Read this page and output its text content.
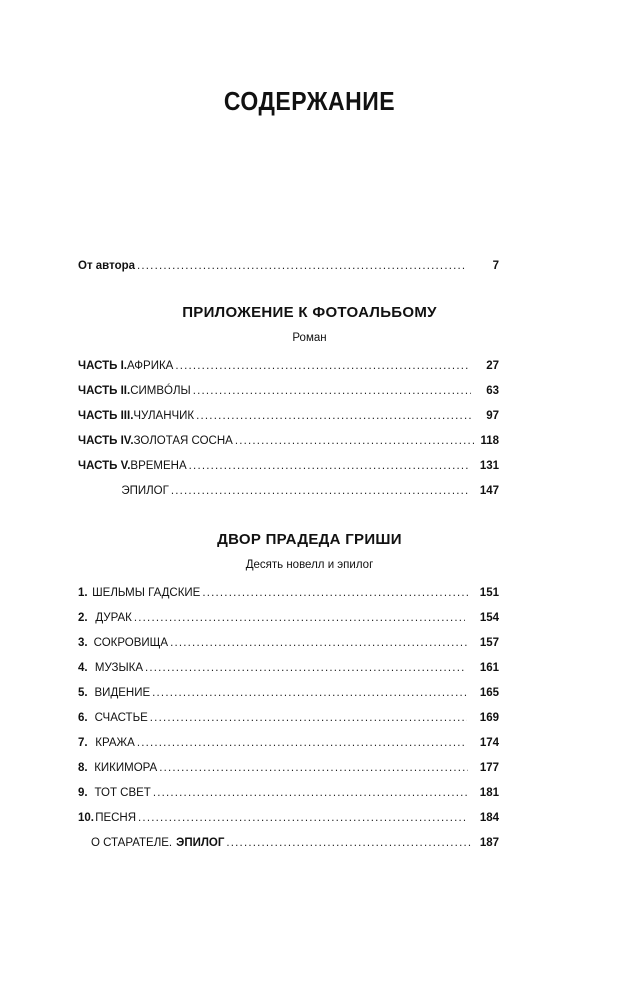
СОДЕРЖАНИЕ
От автора . . .	7
ПРИЛОЖЕНИЕ К ФОТОАЛЬБОМУ
Роман
ЧАСТЬ I. АФРИКА . . .	27
ЧАСТЬ II. СИМВÓЛЫ . . .	63
ЧАСТЬ III. ЧУЛАНЧИК . . .	97
ЧАСТЬ IV. ЗОЛОТАЯ СОСНА . . .	118
ЧАСТЬ V. ВРЕМЕНА . . .	131
ЭПИЛОГ . . .	147
ДВОР ПРАДЕДА ГРИШИ
Десять новелл и эпилог
1. ШЕЛЬМЫ ГАДСКИЕ . . .	151
2. ДУРАК . . .	154
3. СОКРОВИЩА . . .	157
4. МУЗЫКА . . .	161
5. ВИДЕНИЕ . . .	165
6. СЧАСТЬЕ . . .	169
7. КРАЖА . . .	174
8. КИКИМОРА . . .	177
9. ТОТ СВЕТ . . .	181
10. ПЕСНЯ . . .	184
О СТАРАТЕЛЕ. ЭПИЛОГ . . .	187
